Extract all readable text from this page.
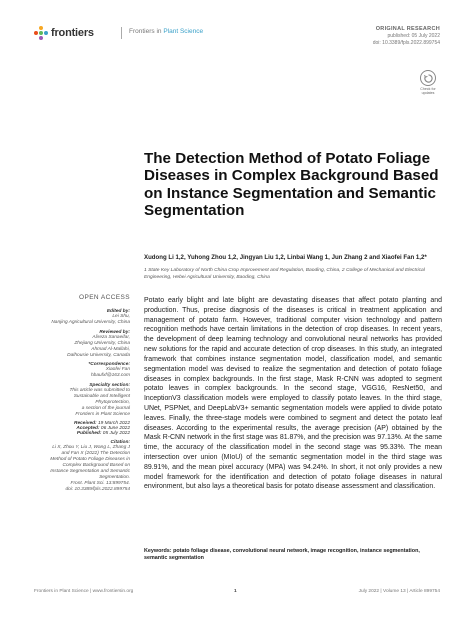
frontiers	Frontiers in Plant Science	ORIGINAL RESEARCH
published: 05 July 2022
doi: 10.3389/fpls.2022.899754
Check for updates
The Detection Method of Potato Foliage Diseases in Complex Background Based on Instance Segmentation and Semantic Segmentation
Xudong Li 1,2, Yuhong Zhou 1,2, Jingyan Liu 1,2, Linbai Wang 1, Jun Zhang 2 and Xiaofei Fan 1,2*
1 State Key Laboratory of North China Crop Improvement and Regulation, Baoding, China, 2 College of Mechanical and Electrical Engineering, Hebei Agricultural University, Baoding, China
OPEN ACCESS
Edited by:
Lei Shu,
Nanjing Agricultural University, China
Reviewed by:
Alireza Sanaeifar,
Zhejiang University, China
Ahmad Al-Mallahi,
Dalhousie University, Canada
*Correspondence:
Xiaofei Fan
hbaufxf@163.com
Specialty section:
This article was submitted to
Sustainable and Intelligent
Phytoprotection,
a section of the journal
Frontiers in Plant Science
Received: 19 March 2022
Accepted: 06 June 2022
Published: 05 July 2022
Citation:
Li X, Zhou Y, Liu J, Wang L, Zhang J
and Fan X (2022) The Detection
Method of Potato Foliage Diseases in
Complex Background Based on
Instance Segmentation and Semantic
Segmentation.
Front. Plant Sci. 13:899754.
doi: 10.3389/fpls.2022.899754

Potato early blight and late blight are devastating diseases that affect potato planting and production. Thus, precise diagnosis of the diseases is critical in treatment application and management of potato farm. However, traditional computer vision technology and pattern recognition methods have certain limitations in the detection of crop diseases. In recent years, the development of deep learning technology and convolutional neural networks has provided new solutions for the rapid and accurate detection of crop diseases. In this study, an integrated framework that combines instance segmentation model, classification model, and semantic segmentation model was devised to realize the segmentation and detection of potato foliage diseases in complex backgrounds. In the first stage, Mask R-CNN was adopted to segment potato leaves in complex backgrounds. In the second stage, VGG16, ResNet50, and InceptionV3 classification models were employed to classify potato leaves. In the third stage, UNet, PSPNet, and DeepLabV3+ semantic segmentation models were applied to divide potato leaves. Finally, the three-stage models were combined to segment and detect the potato leaf diseases. According to the experimental results, the average precision (AP) obtained by the Mask R-CNN network in the first stage was 81.87%, and the precision was 97.13%. At the same time, the accuracy of the classification model in the second stage was 95.33%. The mean intersection over union (MIoU) of the semantic segmentation model in the third stage was 89.91%, and the mean pixel accuracy (MPA) was 94.24%. In short, it not only provides a new model framework for the identification and detection of potato foliage diseases in natural environment, but also lays a theoretical basis for potato disease assessment and classification.

Keywords: potato foliage disease, convolutional neural network, image recognition, instance segmentation, semantic segmentation
Frontiers in Plant Science | www.frontiersin.org	1	July 2022 | Volume 13 | Article 899754
